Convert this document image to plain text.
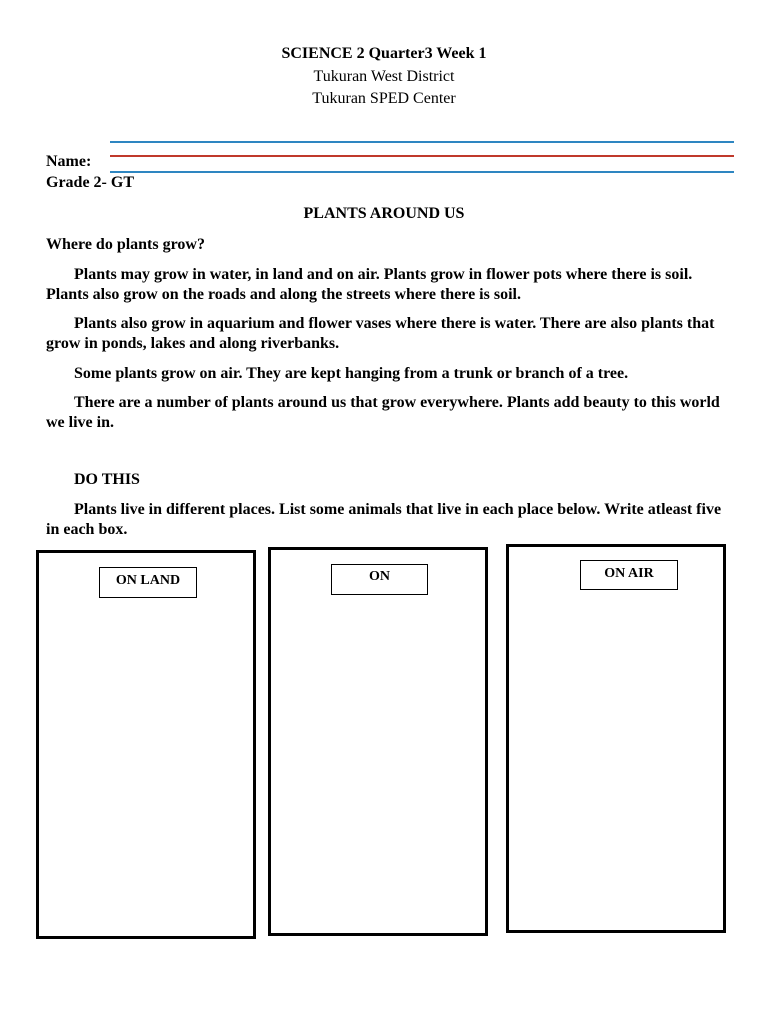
SCIENCE 2 Quarter3 Week 1
Tukuran West District
Tukuran SPED Center
Name:
Grade 2- GT
PLANTS AROUND US
Where do plants grow?

Plants may grow in water, in land and on air. Plants grow in flower pots where there is soil. Plants also grow on the roads and along the streets where there is soil.

Plants also grow in aquarium and flower vases where there is water. There are also plants that grow in ponds, lakes and along riverbanks.

Some plants grow on air. They are kept hanging from a trunk or branch of a tree.

There are a number of plants around us that grow everywhere. Plants add beauty to this world we live in.

DO THIS

Plants live in different places. List some animals that live in each place below. Write atleast five in each box.

ON LAND	ON	ON AIR
